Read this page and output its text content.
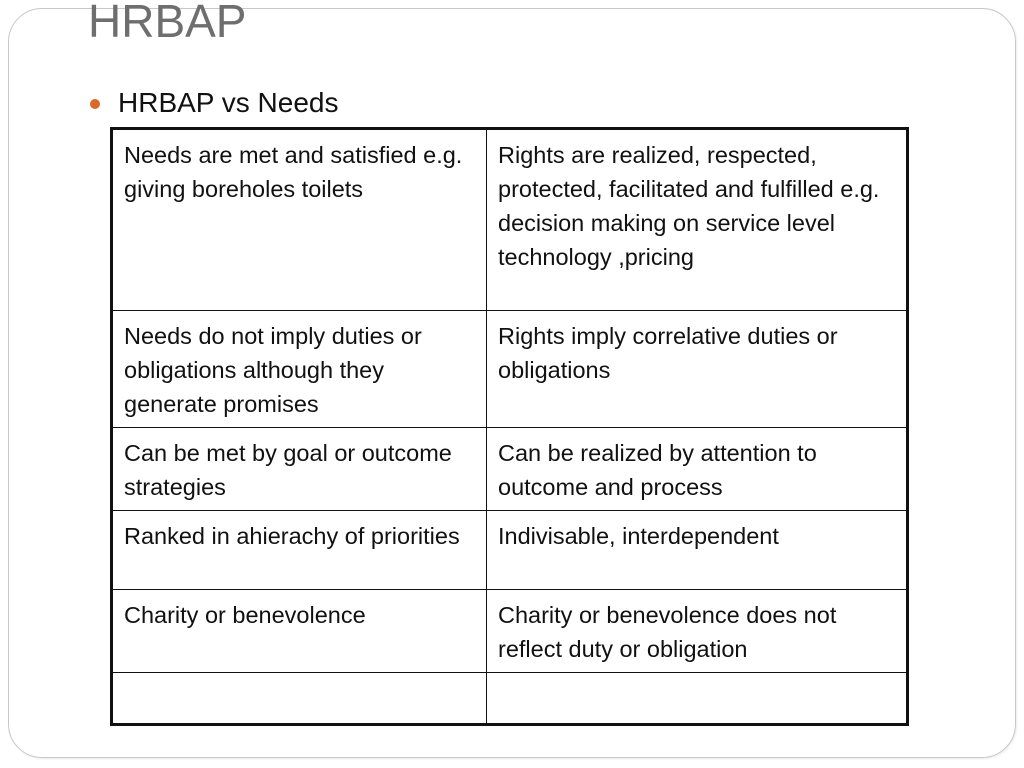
HRBAP
HRBAP vs Needs
Needs are met and satisfied e.g. giving boreholes toilets	Rights are realized, respected, protected, facilitated and fulfilled e.g. decision making on service level technology ,pricing
Needs do not imply duties or obligations although they generate promises	Rights imply correlative duties or obligations
Can be met by goal or outcome strategies	Can be realized by attention to outcome and process
Ranked in ahierachy of priorities	Indivisable, interdependent
Charity or benevolence	Charity or benevolence does not reflect duty or obligation
